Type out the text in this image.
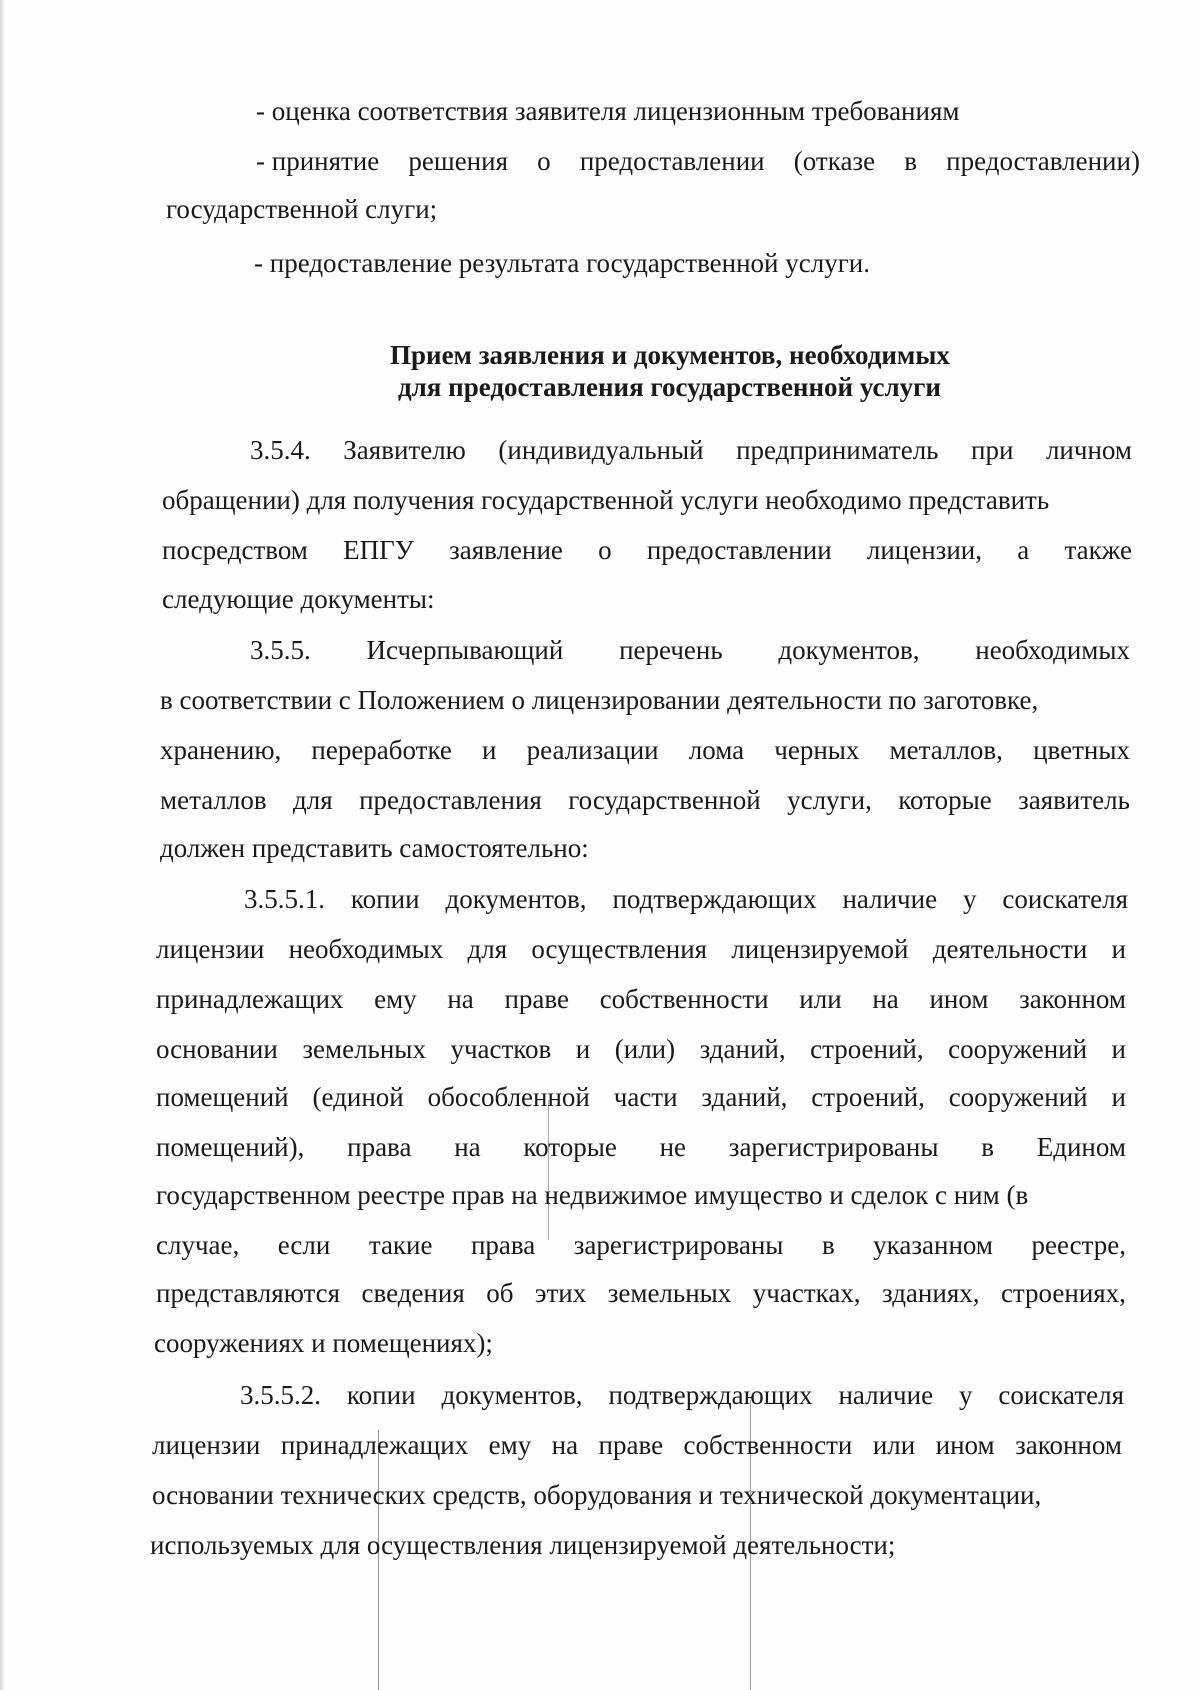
- оценка соответствия заявителя лицензионным требованиям
- принятие решения о предоставлении (отказе в предоставлении)
государственной слуги;
- предоставление результата государственной услуги.
Прием заявления и документов, необходимых
для предоставления государственной услуги
3.5.4. Заявителю (индивидуальный предприниматель при личном
обращении) для получения государственной услуги необходимо представить
посредством ЕПГУ заявление о предоставлении лицензии, а также
следующие документы:
3.5.5. Исчерпывающий перечень документов, необходимых
в соответствии с Положением о лицензировании деятельности по заготовке,
хранению, переработке и реализации лома черных металлов, цветных
металлов для предоставления государственной услуги, которые заявитель
должен представить самостоятельно:
3.5.5.1. копии документов, подтверждающих наличие у соискателя
лицензии необходимых для осуществления лицензируемой деятельности и
принадлежащих ему на праве собственности или на ином законном
основании земельных участков и (или) зданий, строений, сооружений и
помещений (единой обособленной части зданий, строений, сооружений и
помещений), права на которые не зарегистрированы в Едином
государственном реестре прав на недвижимое имущество и сделок с ним (в
случае, если такие права зарегистрированы в указанном реестре,
представляются сведения об этих земельных участках, зданиях, строениях,
сооружениях и помещениях);
3.5.5.2. копии документов, подтверждающих наличие у соискателя
лицензии принадлежащих ему на праве собственности или ином законном
основании технических средств, оборудования и технической документации,
используемых для осуществления лицензируемой деятельности;
